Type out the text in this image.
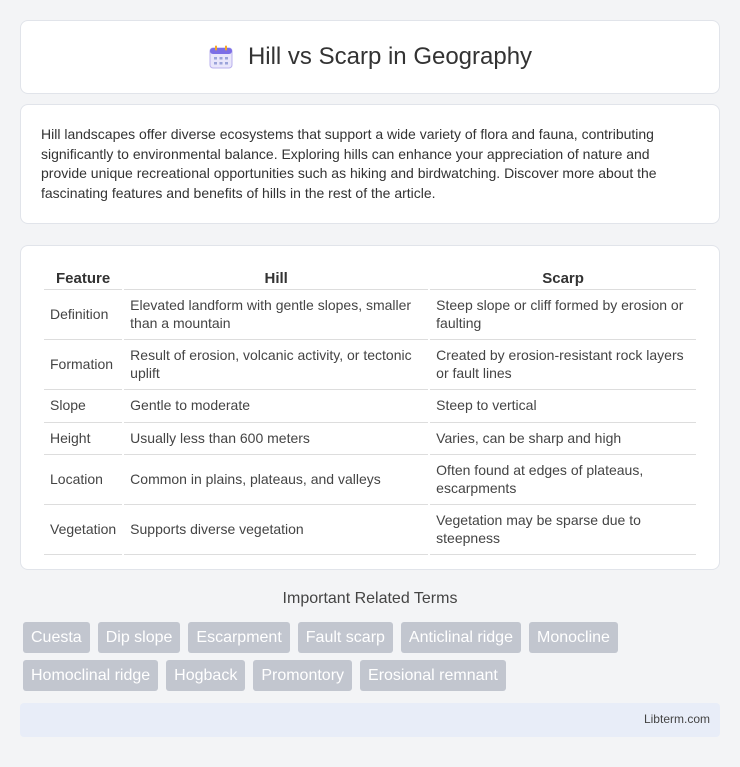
Hill vs Scarp in Geography

Hill landscapes offer diverse ecosystems that support a wide variety of flora and fauna, contributing significantly to environmental balance. Exploring hills can enhance your appreciation of nature and provide unique recreational opportunities such as hiking and birdwatching. Discover more about the fascinating features and benefits of hills in the rest of the article.

Feature	Hill	Scarp
Definition	Elevated landform with gentle slopes, smaller than a mountain	Steep slope or cliff formed by erosion or faulting
Formation	Result of erosion, volcanic activity, or tectonic uplift	Created by erosion-resistant rock layers or fault lines
Slope	Gentle to moderate	Steep to vertical
Height	Usually less than 600 meters	Varies, can be sharp and high
Location	Common in plains, plateaus, and valleys	Often found at edges of plateaus, escarpments
Vegetation	Supports diverse vegetation	Vegetation may be sparse due to steepness
Important Related Terms
Cuesta	Dip slope	Escarpment	Fault scarp	Anticlinal ridge	Monocline
Homoclinal ridge	Hogback	Promontory	Erosional remnant
Libterm.com
